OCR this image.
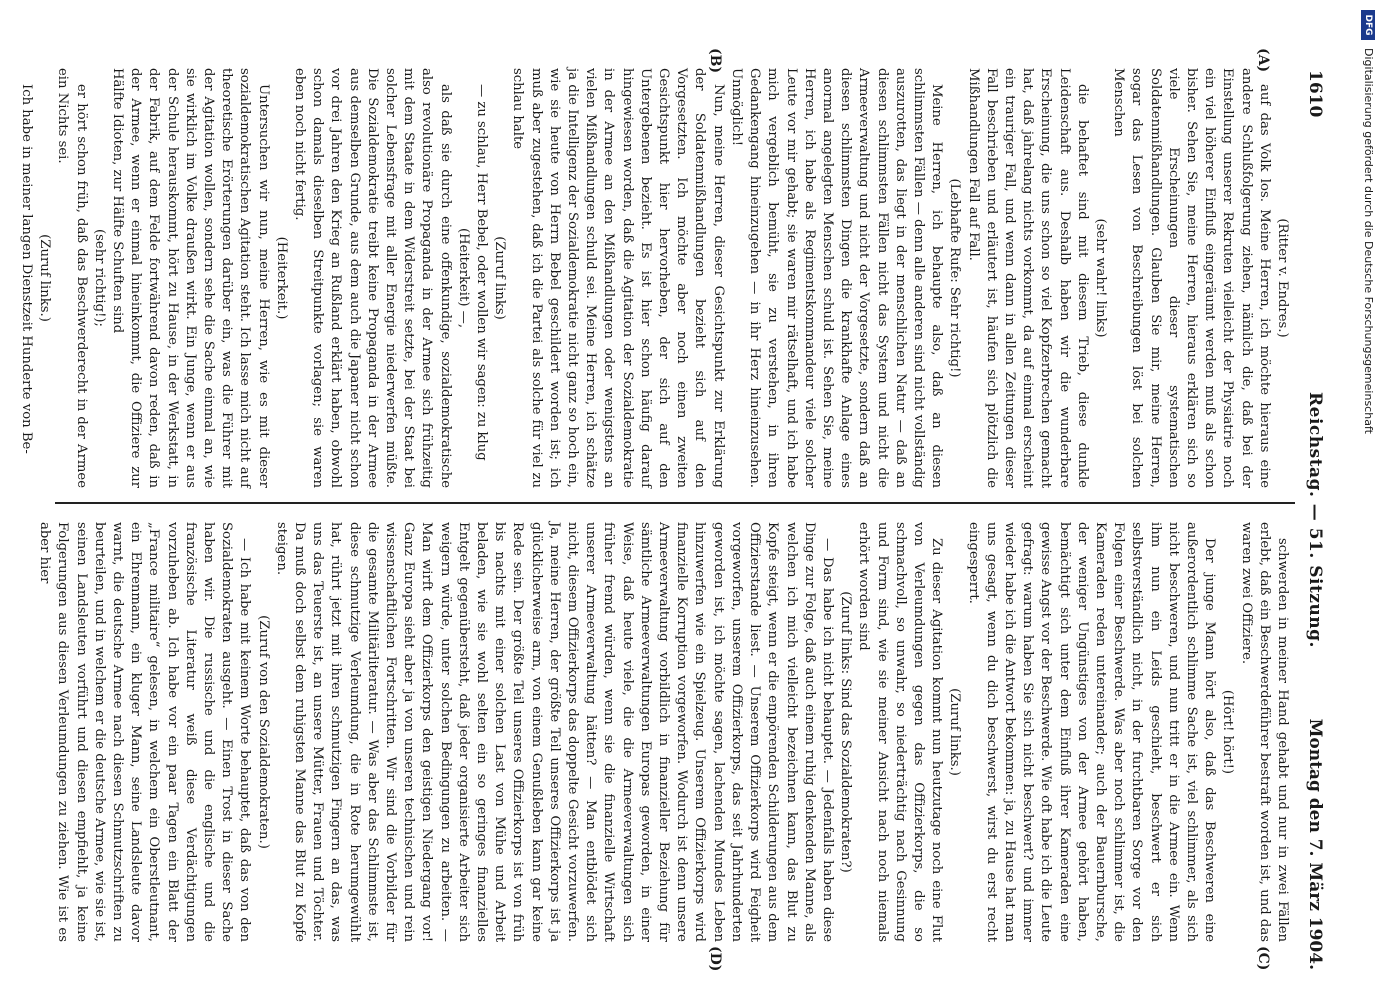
1610
Reichstag. — 51. Sitzung.
Montag den 7. März 1904.
(A)
(B)
(C)
(D)

(Ritter v. Endres.)

auf das Volk los. Meine Herren, ich möchte hieraus eine andere Schlußfolgerung ziehen, nämlich die, daß bei der Einstellung unserer Rekruten vielleicht der Physiatrie noch ein viel höherer Einfluß eingeräumt werden muß als schon bisher. Sehen Sie, meine Herren, hieraus erklären sich so viele Erscheinungen dieser systematischen Soldatenmißhandlungen. Glauben Sie mir, meine Herren, sogar das Lesen von Beschreibungen löst bei solchen Menschen

(sehr wahr! links)

die behaftet sind mit diesem Trieb, diese dunkle Leidenschaft aus. Deshalb haben wir die wunderbare Erscheinung, die uns schon so viel Kopfzerbrechen gemacht hat, daß jahrelang nichts vorkommt, da auf einmal erscheint ein trauriger Fall, und wenn dann in allen Zeitungen dieser Fall beschrieben und erläutert ist, häufen sich plötzlich die Mißhandlungen Fall auf Fall.

(Lebhafte Rufe: Sehr richtig!)

Meine Herren, ich behaupte also, daß an diesen schlimmsten Fällen — denn alle anderen sind nicht vollständig auszurotten, das liegt in der menschlichen Natur — daß an diesen schlimmsten Fällen nicht das System und nicht die Armeeverwaltung und nicht der Vorgesetzte, sondern daß an diesen schlimmsten Dingen die krankhafte Anlage eines anormal angelegten Menschen schuld ist. Sehen Sie, meine Herren, ich habe als Regimentskommandeur viele solcher Leute vor mir gehabt; sie waren mir rätselhaft, und ich habe mich vergeblich bemüht, sie zu verstehen, in ihren Gedankengang hineinzugehen — in ihr Herz hineinzusehen. Unmöglich!

Nun, meine Herren, dieser Gesichtspunkt zur Erklärung der Soldatenmißhandlungen bezieht sich auf den Vorgesetzten. Ich möchte aber noch einen zweiten Gesichtspunkt hier hervorheben, der sich auf den Untergebenen bezieht. Es ist hier schon häufig darauf hingewiesen worden, daß die Agitation der Sozialdemokratie in der Armee an den Mißhandlungen oder wenigstens an vielen Mißhandlungen schuld sei. Meine Herren, ich schätze ja die Intelligenz der Sozialdemokratie nicht ganz so hoch ein, wie sie heute von Herrn Bebel geschildert worden ist; ich muß aber zugestehen, daß ich die Partei als solche für viel zu schlau halte

(Zuruf links)

— zu schlau, Herr Bebel, oder wollen wir sagen: zu klug

(Heiterkeit) —,

als daß sie durch eine offenkundige, sozialdemokratische also revolutionäre Propaganda in der Armee sich frühzeitig mit dem Staate in dem Widerstreit setzte, bei der Staat bei solcher Lebensfrage mit aller Energie niederwerfen müßte. Die Sozialdemokratie treibt keine Propaganda in der Armee aus demselben Grunde, aus dem auch die Japaner nicht schon vor drei Jahren den Krieg an Rußland erklärt haben, obwohl schon damals dieselben Streitpunkte vorlagen; sie waren eben noch nicht fertig.

(Heiterkeit.)

Untersuchen wir nun, meine Herren, wie es mit dieser sozialdemokratischen Agitation steht. Ich lasse mich nicht auf theoretische Erörterungen darüber ein, was die Führer mit der Agitation wollen, sondern sehe die Sache einmal an, wie sie wirklich im Volke draußen wirkt. Ein Junge, wenn er aus der Schule herauskommt, hört zu Hause, in der Werkstatt, in der Fabrik, auf dem Felde fortwährend davon reden, daß in der Armee, wenn er einmal hineinkommt, die Offiziere zur Hälfte Idioten, zur Hälfte Schuften sind

(sehr richtig!);

er hört schon früh, daß das Beschwerderecht in der Armee ein Nichts sei.

(Zuruf links.)

Ich habe in meiner langen Dienstzeit Hunderte von Be-

schwerden in meiner Hand gehabt und nur in zwei Fällen erlebt, daß ein Beschwerdeführer bestraft worden ist, und das waren zwei Offiziere.

(Hört! hört!)

Der junge Mann hört also, daß das Beschweren eine außerordentlich schlimme Sache ist, viel schlimmer, als sich nicht beschweren, und nun tritt er in die Armee ein. Wenn ihm nun ein Leids geschieht, beschwert er sich selbstverständlich nicht, in der furchtbaren Sorge vor den Folgen einer Beschwerde. Was aber noch schlimmer ist, die Kameraden reden untereinander; auch der Bauernbursche, der weniger Ungünstiges von der Armee gehört haben, bemächtigt sich unter dem Einfluß ihrer Kameraden eine gewisse Angst vor der Beschwerde. Wie oft habe ich die Leute gefragt: warum haben Sie sich nicht beschwert? und immer wieder habe ich die Antwort bekommen: ja, zu Hause hat man uns gesagt, wenn du dich beschwerst, wirst du erst recht eingesperrt.

(Zuruf links.)

Zu dieser Agitation kommt nun heutzutage noch eine Flut von Verleumdungen gegen das Offizierkorps, die so schmachvoll, so unwahr, so niederträchtig nach Gesinnung und Form sind, wie sie meiner Ansicht nach noch niemals erhört worden sind

(Zuruf links: Sind das Sozialdemokraten?)

— Das habe ich nicht behauptet. — Jedenfalls haben diese Dinge zur Folge, daß auch einem ruhig denkenden Manne, als welchen ich mich vielleicht bezeichnen kann, das Blut zu Kopfe steigt, wenn er die empörenden Schilderungen aus dem Offizierstande liest. — Unserem Offizierkorps wird Feigheit vorgeworfen, unserem Offizierkorps, das seit Jahrhunderten geworden ist, ich möchte sagen, lachenden Mundes Leben hinzuwerfen wie ein Spielzeug. Unserem Offizierkorps wird finanzielle Korruption vorgeworfen. Wodurch ist denn unsere Armeeverwaltung vorbildlich in finanzieller Beziehung für sämtliche Armeeverwaltungen Europas geworden, in einer Weise, daß heute viele, die die Armeeverwaltungen sich früher fremd würden, wenn sie die finanzielle Wirtschaft unserer Armeeverwaltung hätten? — Man entblödet sich nicht, diesem Offizierkorps das doppelte Gesicht vorzuwerfen. Ja, meine Herren, der größte Teil unseres Offizierkorps ist ja glücklicherweise arm, von einem Genußleben kann gar keine Rede sein. Der größte Teil unseres Offizierkorps ist von früh bis nachts mit einer solchen Last von Mühe und Arbeit beladen, wie sie wohl selten ein so geringes finanzielles Entgelt gegenübersteht, daß jeder organisierte Arbeiter sich weigern würde, unter solchen Bedingungen zu arbeiten. — Man wirft dem Offizierkorps den geistigen Niedergang vor! Ganz Europa sieht aber ja von unseren technischen und rein wissenschaftlichen Fortschritten. Wir sind die Vorbilder für die gesamte Militärliteratur. — Was aber das Schlimmste ist, diese schmutzige Verleumdung, die in Rote herumgewühlt hat, rührt jetzt mit ihren schmutzigen Fingern an das, was uns das Teuerste ist, an unsere Mütter, Frauen und Töchter. Da muß doch selbst dem ruhigsten Manne das Blut zu Kopfe steigen.

(Zuruf von den Sozialdemokraten.)

— Ich habe mit keinem Worte behauptet, daß das von den Sozialdemokraten ausgeht. — Einen Trost in dieser Sache haben wir. Die russische und die englische und die französische Literatur weiß diese Verdächtigungen vorzuheben ab. Ich habe vor ein paar Tagen ein Blatt der „France militaire“ gelesen, in welchem ein Oberstleutnant, ein Ehrenmann, ein kluger Mann, seine Landsleute davor warnt, die deutsche Armee nach diesen Schmutzschriften zu beurteilen, und in welchem er die deutsche Armee, wie sie ist, seinen Landsleuten vorführt und diesen empfiehlt, ja keine Folgerungen aus diesen Verleumdungen zu ziehen. Wie ist es aber hier

DFG
Digitalisierung gefördert durch die Deutsche Forschungsgemeinschaft
